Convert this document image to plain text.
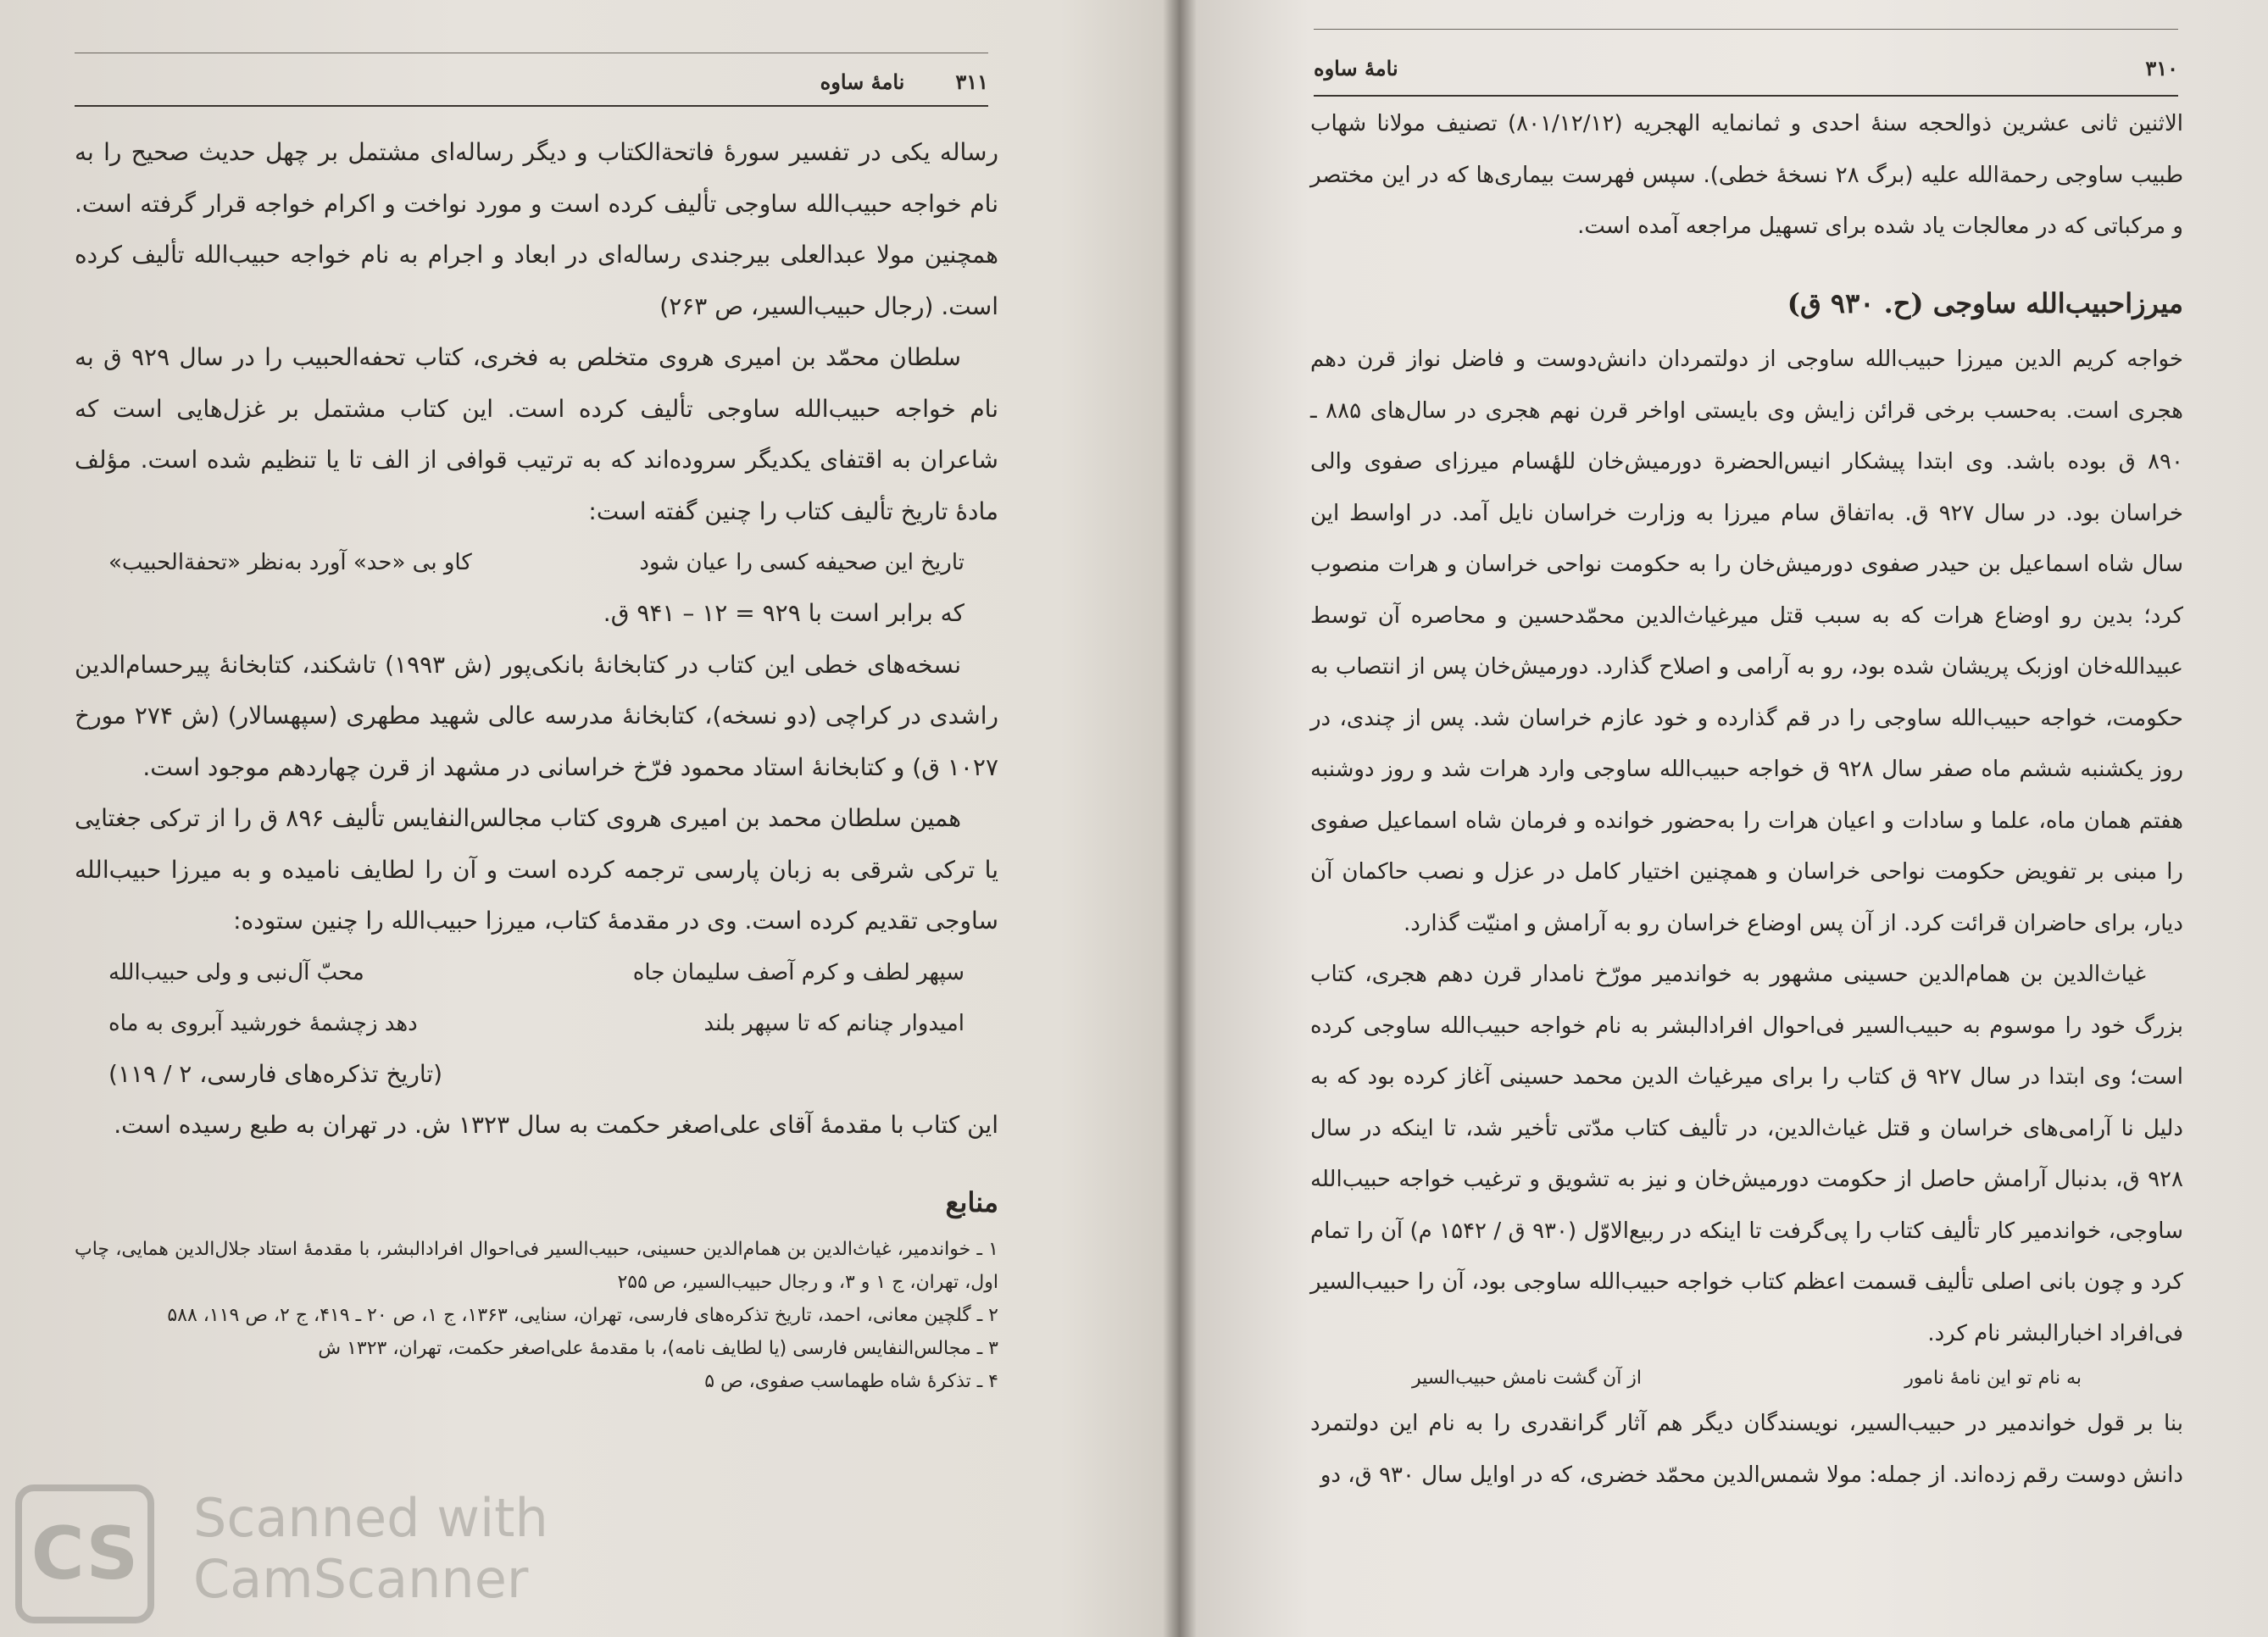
۳۱۱
نامهٔ ساوه

رساله یکی در تفسیر سورهٔ فاتحةالکتاب و دیگر رساله‌ای مشتمل بر چهل حدیث صحیح را به نام خواجه حبیب‌الله ساوجی تألیف کرده است و مورد نواخت و اکرام خواجه قرار گرفته است. همچنین مولا عبدالعلی بیرجندی رساله‌ای در ابعاد و اجرام به نام خواجه حبیب‌الله تألیف کرده است. (رجال حبیب‌السیر، ص ۲۶۳)

سلطان محمّد بن امیری هروی متخلص به فخری، کتاب تحفه‌الحبیب را در سال ۹۲۹ ق به نام خواجه حبیب‌الله ساوجی تألیف کرده است. این کتاب مشتمل بر غزل‌هایی است که شاعران به اقتفای یکدیگر سروده‌اند که به ترتیب قوافی از الف تا یا تنظیم شده است. مؤلف مادهٔ تاریخ تألیف کتاب را چنین گفته است:

تاریخ این صحیفه کسی را عیان شود
کاو بی «حد» آورد به‌نظر «تحفةالحبیب»
که برابر است با ۹۲۹ = ۱۲ – ۹۴۱ ق.

نسخه‌های خطی این کتاب در کتابخانهٔ بانکی‌پور (ش ۱۹۹۳) تاشکند، کتابخانهٔ پیرحسام‌الدین راشدی در کراچی (دو نسخه)، کتابخانهٔ مدرسه عالی شهید مطهری (سپهسالار) (ش ۲۷۴ مورخ ۱۰۲۷ ق) و کتابخانهٔ استاد محمود فرّخ خراسانی در مشهد از قرن چهاردهم موجود است.

همین سلطان محمد بن امیری هروی کتاب مجالس‌النفایس تألیف ۸۹۶ ق را از ترکی جغتایی یا ترکی شرقی به زبان پارسی ترجمه کرده است و آن را لطایف نامیده و به میرزا حبیب‌الله ساوجی تقدیم کرده است. وی در مقدمهٔ کتاب، میرزا حبیب‌الله را چنین ستوده:

سپهر لطف و کرم آصف سلیمان جاه
محبّ آل‌نبی و ولی حبیب‌الله
امیدوار چنانم که تا سپهر بلند
دهد زچشمهٔ خورشید آبروی به ماه
(تاریخ تذکره‌های فارسی، ۲ / ۱۱۹)

این کتاب با مقدمهٔ آقای علی‌اصغر حکمت به سال ۱۳۲۳ ش. در تهران به طبع رسیده است.

منابع

۱ ـ خواندمیر، غیاث‌الدین بن همام‌الدین حسینی، حبیب‌السیر فی‌احوال افرادالبشر، با مقدمهٔ استاد جلال‌الدین همایی، چاپ اول، تهران، ج ۱ و ۳، و رجال حبیب‌السیر، ص ۲۵۵

۲ ـ گلچین معانی، احمد، تاریخ تذکره‌های فارسی، تهران، سنایی، ۱۳۶۳، ج ۱، ص ۲۰ ـ ۴۱۹، ج ۲، ص ۱۱۹، ۵۸۸

۳ ـ مجالس‌النفایس فارسی (یا لطایف نامه)، با مقدمهٔ علی‌اصغر حکمت، تهران، ۱۳۲۳ ش

۴ ـ تذکرهٔ شاه طهماسب صفوی، ص ۵

۳۱۰
نامهٔ ساوه

الاثنین ثانی عشرین ذوالحجه سنهٔ احدی و ثمانمایه الهجریه (۸۰۱/۱۲/۱۲) تصنیف مولانا شهاب طبیب ساوجی رحمةالله علیه (برگ ۲۸ نسخهٔ خطی). سپس فهرست بیماری‌ها که در این مختصر و مرکباتی که در معالجات یاد شده برای تسهیل مراجعه آمده است.

میرزاحبیب‌الله ساوجی (ح. ۹۳۰ ق)

خواجه کریم الدین میرزا حبیب‌الله ساوجی از دولتمردان دانش‌دوست و فاضل نواز قرن دهم هجری است. به‌حسب برخی قرائن زایش وی بایستی اواخر قرن نهم هجری در سال‌های ۸۸۵ ـ ۸۹۰ ق بوده باشد. وی ابتدا پیشکار انیس‌الحضرة دورمیش‌خان للهٔسام میرزای صفوی والی خراسان بود. در سال ۹۲۷ ق. به‌اتفاق سام میرزا به وزارت خراسان نایل آمد. در اواسط این سال شاه اسماعیل بن حیدر صفوی دورمیش‌خان را به حکومت نواحی خراسان و هرات منصوب کرد؛ بدین رو اوضاع هرات که به سبب قتل میرغیاث‌الدین محمّدحسین و محاصره آن توسط عبیدالله‌خان اوزبک پریشان شده بود، رو به آرامی و اصلاح گذارد. دورمیش‌خان پس از انتصاب به حکومت، خواجه حبیب‌الله ساوجی را در قم گذارده و خود عازم خراسان شد. پس از چندی، در روز یکشنبه ششم ماه صفر سال ۹۲۸ ق خواجه حبیب‌الله ساوجی وارد هرات شد و روز دوشنبه هفتم همان ماه، علما و سادات و اعیان هرات را به‌حضور خوانده و فرمان شاه اسماعیل صفوی را مبنی بر تفویض حکومت نواحی خراسان و همچنین اختیار کامل در عزل و نصب حاکمان آن دیار، برای حاضران قرائت کرد. از آن پس اوضاع خراسان رو به آرامش و امنیّت گذارد.

غیاث‌الدین بن همام‌الدین حسینی مشهور به خواندمیر مورّخ نامدار قرن دهم هجری، کتاب بزرگ خود را موسوم به حبیب‌السیر فی‌احوال افرادالبشر به نام خواجه حبیب‌الله ساوجی کرده است؛ وی ابتدا در سال ۹۲۷ ق کتاب را برای میرغیاث الدین محمد حسینی آغاز کرده بود که به دلیل نا آرامی‌های خراسان و قتل غیاث‌الدین، در تألیف کتاب مدّتی تأخیر شد، تا اینکه در سال ۹۲۸ ق، بدنبال آرامش حاصل از حکومت دورمیش‌خان و نیز به تشویق و ترغیب خواجه حبیب‌الله ساوجی، خواندمیر کار تألیف کتاب را پی‌گرفت تا اینکه در ربیع‌الاوّل (۹۳۰ ق / ۱۵۴۲ م) آن را تمام کرد و چون بانی اصلی تألیف قسمت اعظم کتاب خواجه حبیب‌الله ساوجی بود، آن را حبیب‌السیر فی‌افراد اخبارالبشر نام کرد.

به نام تو این نامهٔ نامور
از آن گشت نامش حبیب‌السیر

بنا بر قول خواندمیر در حبیب‌السیر، نویسندگان دیگر هم آثار گرانقدری را به نام این دولتمرد دانش دوست رقم زده‌اند. از جمله: مولا شمس‌الدین محمّد خضری، که در اوایل سال ۹۳۰ ق، دو

CS	Scanned with
CamScanner
